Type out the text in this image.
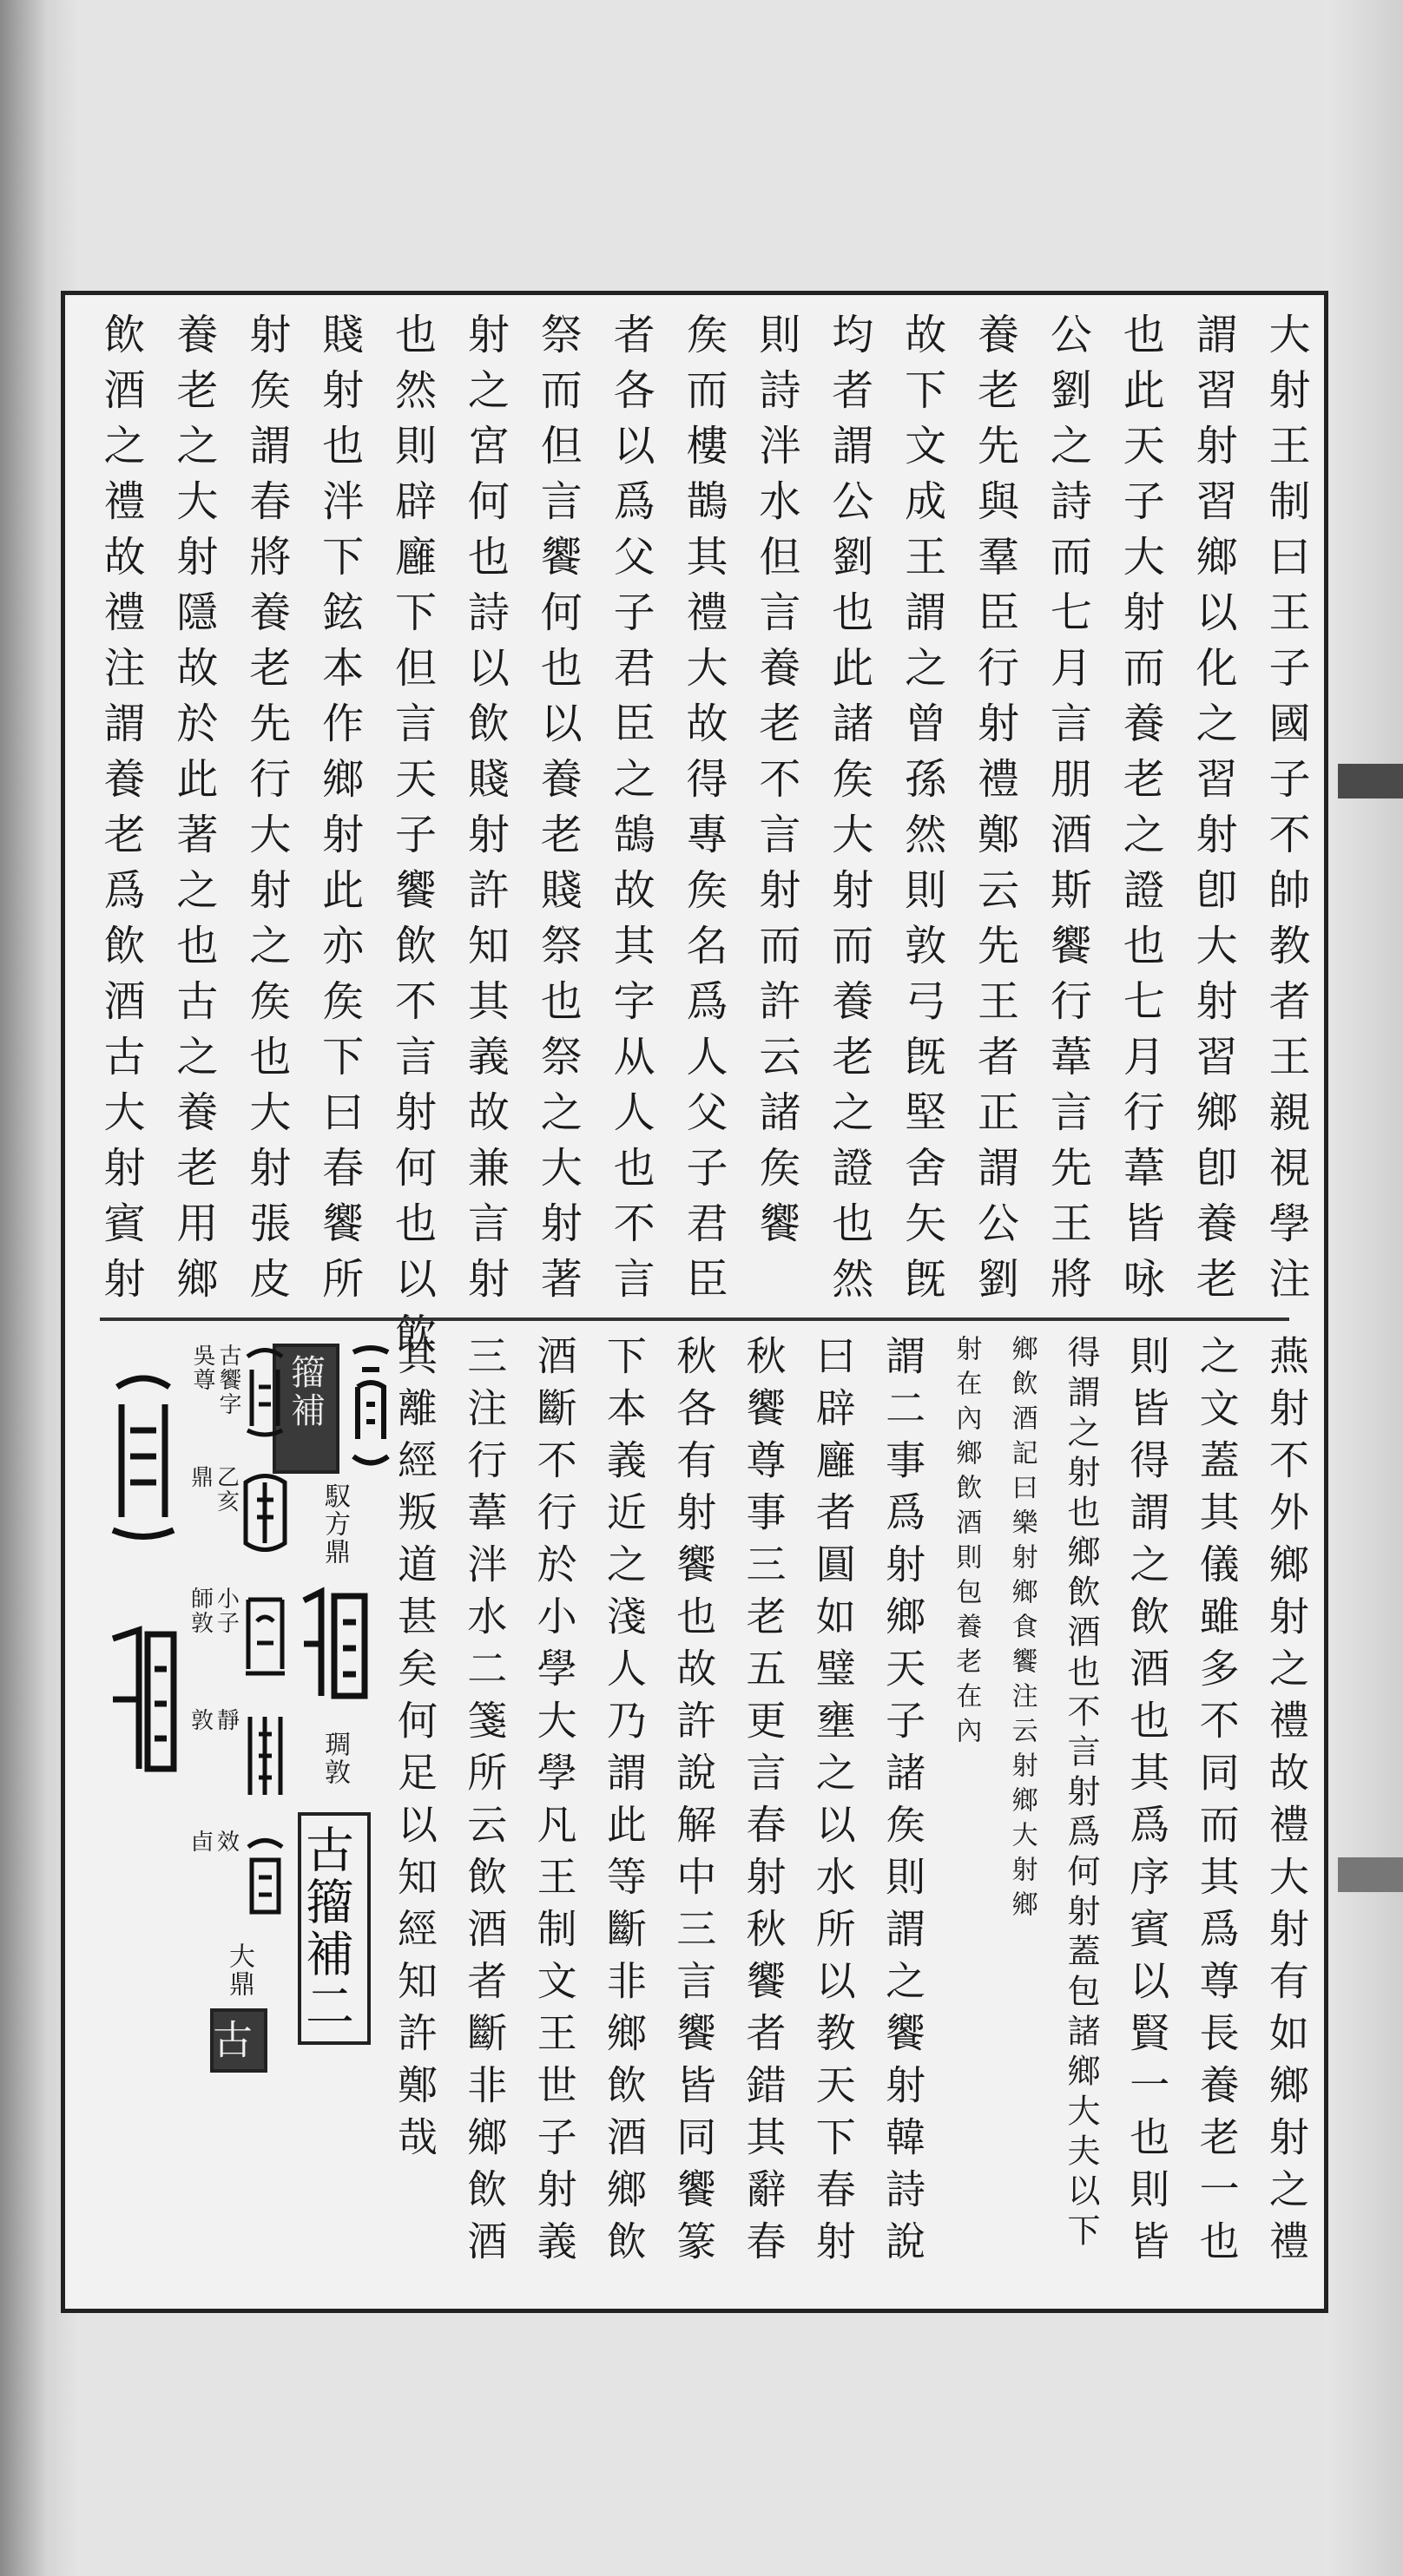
大射王制曰王子國子不帥教者王親視學注
謂習射習鄉以化之習射卽大射習鄉卽養老
也此天子大射而養老之證也七月行葦皆咏
公劉之詩而七月言朋酒斯饗行葦言先王將
養老先與羣臣行射禮鄭云先王者正謂公劉
故下文成王謂之曾孫然則敦弓旣堅舍矢旣
均者謂公劉也此諸矦大射而養老之證也然
則詩泮水但言養老不言射而許云諸矦饗
矦而樓鵲其禮大故得專矦名爲人父子君臣
者各以爲父子君臣之鵠故其字从人也不言
祭而但言饗何也以養老賤祭也祭之大射著
射之宮何也詩以飲賤射許知其義故兼言射
也然則辟廱下但言天子饗飲不言射何也以飲
賤射也泮下鉉本作鄉射此亦矦下曰春饗所
射矦謂春將養老先行大射之矦也大射張皮
養老之大射隱故於此著之也古之養老用鄉
飲酒之禮故禮注謂養老爲飲酒古大射賓射
燕射不外鄉射之禮故禮大射有如鄉射之禮
之文蓋其儀雖多不同而其爲尊長養老一也
則皆得謂之飲酒也其爲序賓以賢一也則皆
得謂之射也鄉飲酒也不言射爲何射蓋包諸鄉大夫以下
鄉飲酒記曰樂射鄉食饗注云射鄉大射鄉
射在內鄉飲酒則包養老在內
謂二事爲射鄉天子諸矦則謂之饗射韓詩說
曰辟廱者圓如璧壅之以水所以教天下春射
秋饗尊事三老五更言春射秋饗者錯其辭春
秋各有射饗也故許說解中三言饗皆同饗篆
下本義近之淺人乃謂此等斷非鄉飲酒鄉飲
酒斷不行於小學大學凡王制文王世子射義
三注行葦泮水二箋所云飲酒者斷非鄉飲酒
其離經叛道甚矣何足以知經知許鄭哉
籀補
馭方鼎
琱敦
古籀補二
吳尊 古饗字
鼎 乙亥
師敦 小子
敦 靜
卣 效
大鼎
古
